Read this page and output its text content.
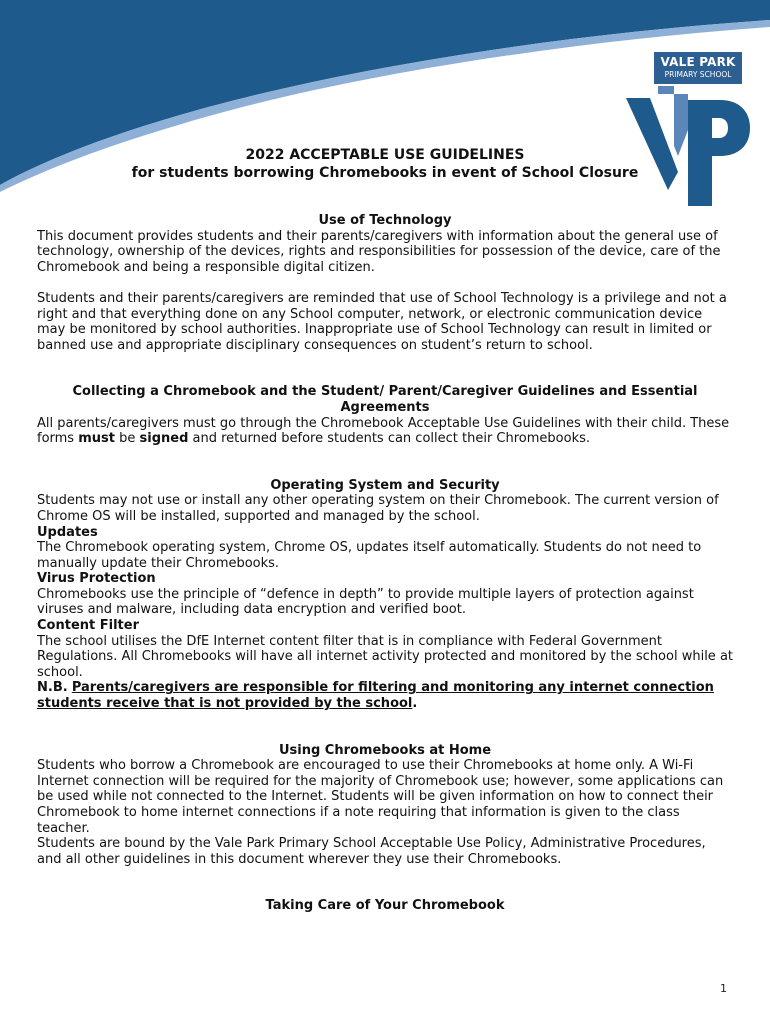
VALE PARK
PRIMARY SCHOOL
2022 ACCEPTABLE USE GUIDELINES
for students borrowing Chromebooks in event of School Closure
Use of Technology

This document provides students and their parents/caregivers with information about the general use of technology, ownership of the devices, rights and responsibilities for possession of the device, care of the Chromebook and being a responsible digital citizen.

Students and their parents/caregivers are reminded that use of School Technology is a privilege and not a right and that everything done on any School computer, network, or electronic communication device may be monitored by school authorities. Inappropriate use of School Technology can result in limited or banned use and appropriate disciplinary consequences on student’s return to school.

Collecting a Chromebook and the Student/ Parent/Caregiver Guidelines and Essential Agreements

All parents/caregivers must go through the Chromebook Acceptable Use Guidelines with their child. These forms must be signed and returned before students can collect their Chromebooks.

Operating System and Security

Students may not use or install any other operating system on their Chromebook. The current version of Chrome OS will be installed, supported and managed by the school.

Updates

The Chromebook operating system, Chrome OS, updates itself automatically. Students do not need to manually update their Chromebooks.

Virus Protection

Chromebooks use the principle of “defence in depth” to provide multiple layers of protection against viruses and malware, including data encryption and verified boot.

Content Filter

The school utilises the DfE Internet content filter that is in compliance with Federal Government Regulations. All Chromebooks will have all internet activity protected and monitored by the school while at school.

N.B. Parents/caregivers are responsible for filtering and monitoring any internet connection students receive that is not provided by the school.

Using Chromebooks at Home

Students who borrow a Chromebook are encouraged to use their Chromebooks at home only. A Wi-Fi Internet connection will be required for the majority of Chromebook use; however, some applications can be used while not connected to the Internet. Students will be given information on how to connect their Chromebook to home internet connections if a note requiring that information is given to the class teacher.

Students are bound by the Vale Park Primary School Acceptable Use Policy, Administrative Procedures, and all other guidelines in this document wherever they use their Chromebooks.

Taking Care of Your Chromebook
1
